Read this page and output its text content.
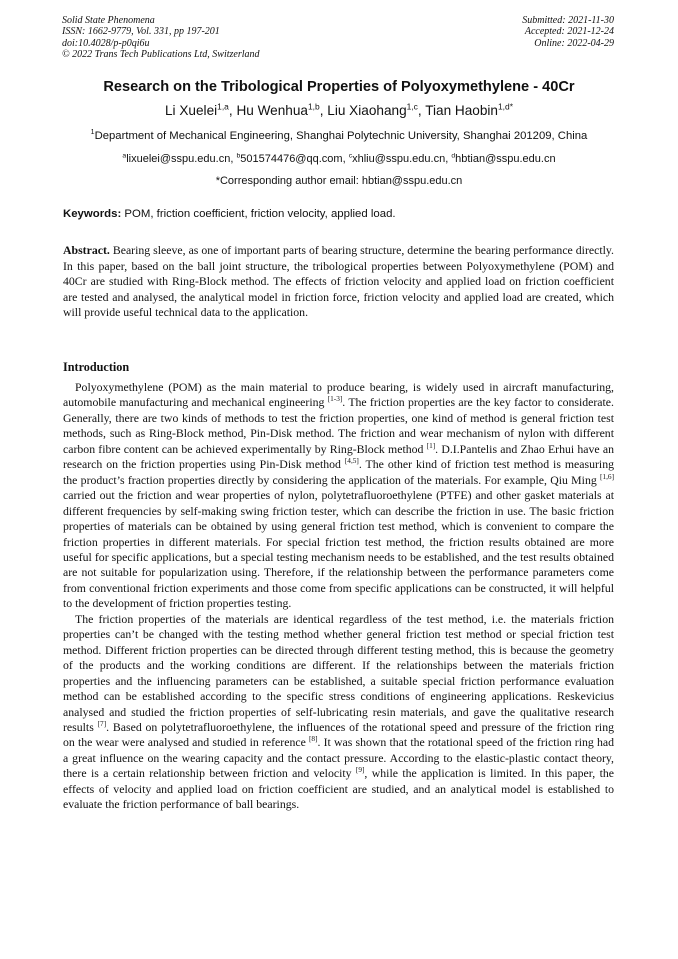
Solid State Phenomena
ISSN: 1662-9779, Vol. 331, pp 197-201
doi:10.4028/p-p0qi6u
© 2022 Trans Tech Publications Ltd, Switzerland
Submitted: 2021-11-30
Accepted: 2021-12-24
Online: 2022-04-29
Research on the Tribological Properties of Polyoxymethylene - 40Cr
Li Xuelei$^{1,a}$, Hu Wenhua$^{1,b}$, Liu Xiaohang$^{1,c}$, Tian Haobin$^{1,d*}$
$^1$Department of Mechanical Engineering, Shanghai Polytechnic University, Shanghai 201209, China
$^a$lixuelei@sspu.edu.cn, $^b$501574476@qq.com, $^c$xhliu@sspu.edu.cn, $^d$hbtian@sspu.edu.cn
*Corresponding author email: hbtian@sspu.edu.cn
Keywords: POM, friction coefficient, friction velocity, applied load.
Abstract. Bearing sleeve, as one of important parts of bearing structure, determine the bearing performance directly. In this paper, based on the ball joint structure, the tribological properties between Polyoxymethylene (POM) and 40Cr are studied with Ring-Block method. The effects of friction velocity and applied load on friction coefficient are tested and analysed, the analytical model in friction force, friction velocity and applied load are created, which will provide useful technical data to the application.
Introduction

Polyoxymethylene (POM) as the main material to produce bearing, is widely used in aircraft manufacturing, automobile manufacturing and mechanical engineering [1-3]. The friction properties are the key factor to considerate. Generally, there are two kinds of methods to test the friction properties, one kind of method is general friction test methods, such as Ring-Block method, Pin-Disk method. The friction and wear mechanism of nylon with different carbon fibre content can be achieved experimentally by Ring-Block method [1]. D.I.Pantelis and Zhao Erhui have an research on the friction properties using Pin-Disk method [4,5]. The other kind of friction test method is measuring the product’s fraction properties directly by considering the application of the materials. For example, Qiu Ming [1,6] carried out the friction and wear properties of nylon, polytetrafluoroethylene (PTFE) and other gasket materials at different frequencies by self-making swing friction tester, which can describe the friction in use. The basic friction properties of materials can be obtained by using general friction test method, which is convenient to compare the friction properties in different materials. For special friction test method, the friction results obtained are more useful for specific applications, but a special testing mechanism needs to be established, and the test results obtained are not suitable for popularization using. Therefore, if the relationship between the performance parameters come from conventional friction experiments and those come from specific applications can be constructed, it will helpful to the development of friction properties testing.

The friction properties of the materials are identical regardless of the test method, i.e. the materials friction properties can’t be changed with the testing method whether general friction test method or special friction test method. Different friction properties can be directed through different testing method, this is because the geometry of the products and the working conditions are different. If the relationships between the materials friction properties and the influencing parameters can be established, a suitable special friction performance evaluation method can be established according to the specific stress conditions of engineering applications. Reskevicius analysed and studied the friction properties of self-lubricating resin materials, and gave the qualitative research results [7]. Based on polytetrafluoroethylene, the influences of the rotational speed and pressure of the friction ring on the wear were analysed and studied in reference [8]. It was shown that the rotational speed of the friction ring had a great influence on the wearing capacity and the contact pressure. According to the elastic-plastic contact theory, there is a certain relationship between friction and velocity [9], while the application is limited. In this paper, the effects of velocity and applied load on friction coefficient are studied, and an analytical model is established to evaluate the friction performance of ball bearings.
